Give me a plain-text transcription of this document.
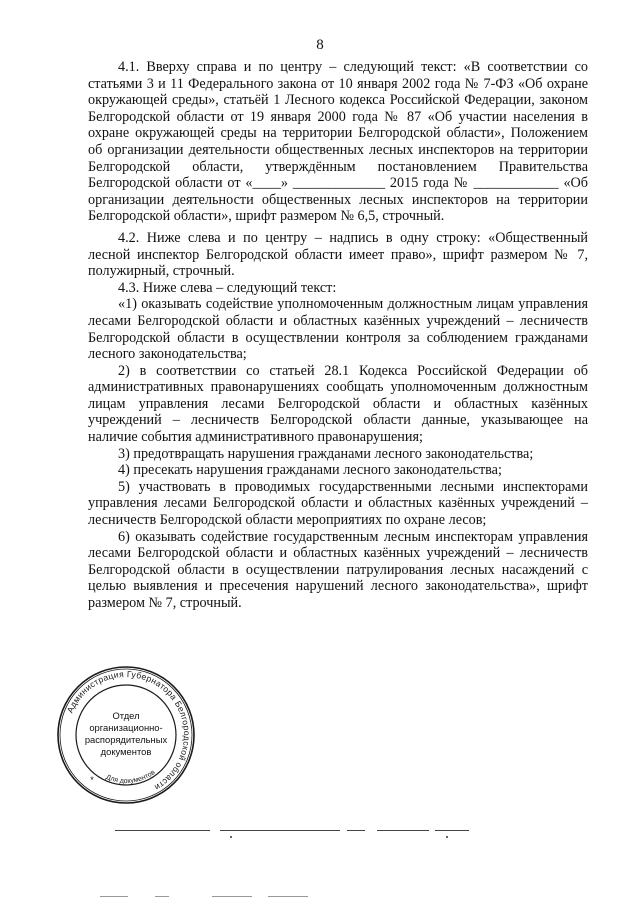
8

4.1. Вверху справа и по центру – следующий текст: «В соответствии со статьями 3 и 11 Федерального закона от 10 января 2002 года № 7-ФЗ «Об охране окружающей среды», статьёй 1 Лесного кодекса Российской Федерации, законом Белгородской области от 19 января 2000 года № 87 «Об участии населения в охране окружающей среды на территории Белгородской области», Положением об организации деятельности общественных лесных инспекторов на территории Белгородской области, утверждённым постановлением Правительства Белгородской области от «____» _____________ 2015 года № ____________ «Об организации деятельности общественных лесных инспекторов на территории Белгородской области», шрифт размером № 6,5, строчный.

4.2. Ниже слева и по центру – надпись в одну строку: «Общественный лесной инспектор Белгородской области имеет право», шрифт размером № 7, полужирный, строчный.

4.3. Ниже слева – следующий текст:

«1) оказывать содействие уполномоченным должностным лицам управления лесами Белгородской области и областных казённых учреждений – лесничеств Белгородской области в осуществлении контроля за соблюдением гражданами лесного законодательства;

2) в соответствии со статьей 28.1 Кодекса Российской Федерации об административных правонарушениях сообщать уполномоченным должностным лицам управления лесами Белгородской области и областных казённых учреждений – лесничеств Белгородской области данные, указывающее на наличие события административного правонарушения;

3) предотвращать нарушения гражданами лесного законодательства;

4) пресекать нарушения гражданами лесного законодательства;

5) участвовать в проводимых государственными лесными инспекторами управления лесами Белгородской области и областных казённых учреждений – лесничеств Белгородской области мероприятиях по охране лесов;

6) оказывать содействие государственным лесным инспекторам управления лесами Белгородской области и областных казённых учреждений – лесничеств Белгородской области в осуществлении патрулирования лесных насаждений с целью выявления и пресечения нарушений лесного законодательства», шрифт размером № 7, строчный.

Администрация Губернатора Белгородской области
Для документов
Отдел
организационно-
распорядительных
документов
*
